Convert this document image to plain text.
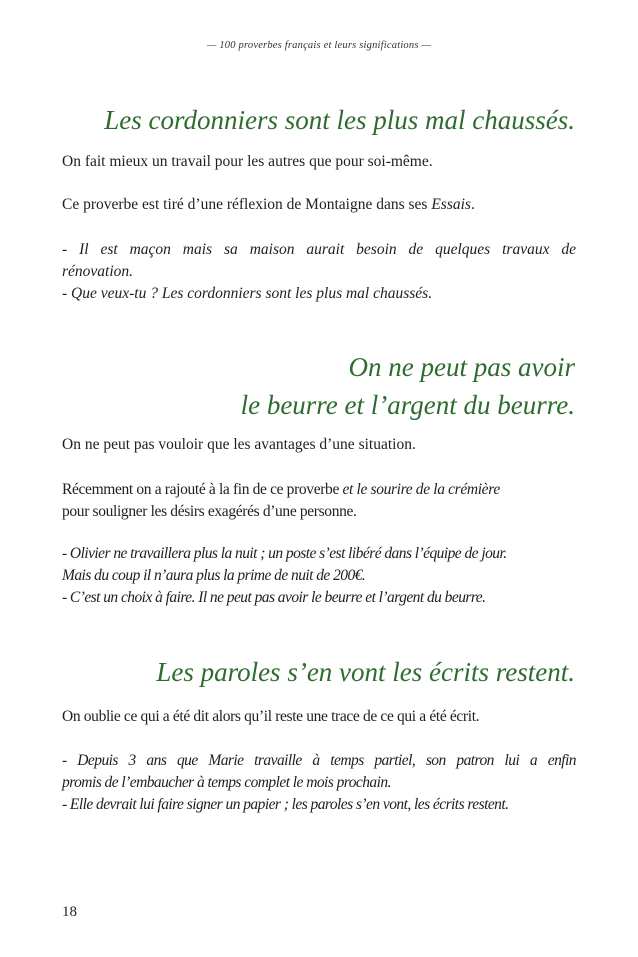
— 100 proverbes français et leurs significations —
Les cordonniers sont les plus mal chaussés.
On fait mieux un travail pour les autres que pour soi-même.
Ce proverbe est tiré d’une réflexion de Montaigne dans ses Essais.
- Il est maçon mais sa maison aurait besoin de quelques travaux de
rénovation.
- Que veux-tu ? Les cordonniers sont les plus mal chaussés.
On ne peut pas avoir
le beurre et l’argent du beurre.
On ne peut pas vouloir que les avantages d’une situation.
Récemment on a rajouté à la fin de ce proverbe et le sourire de la crémière
pour souligner les désirs exagérés d’une personne.
- Olivier ne travaillera plus la nuit ; un poste s’est libéré dans l’équipe de jour.
Mais du coup il n’aura plus la prime de nuit de 200€.
- C’est un choix à faire. Il ne peut pas avoir le beurre et l’argent du beurre.
Les paroles s’en vont les écrits restent.
On oublie ce qui a été dit alors qu’il reste une trace de ce qui a été écrit.
- Depuis 3 ans que Marie travaille à temps partiel, son patron lui a enfin
promis de l’embaucher à temps complet le mois prochain.
- Elle devrait lui faire signer un papier ; les paroles s’en vont, les écrits restent.
18
